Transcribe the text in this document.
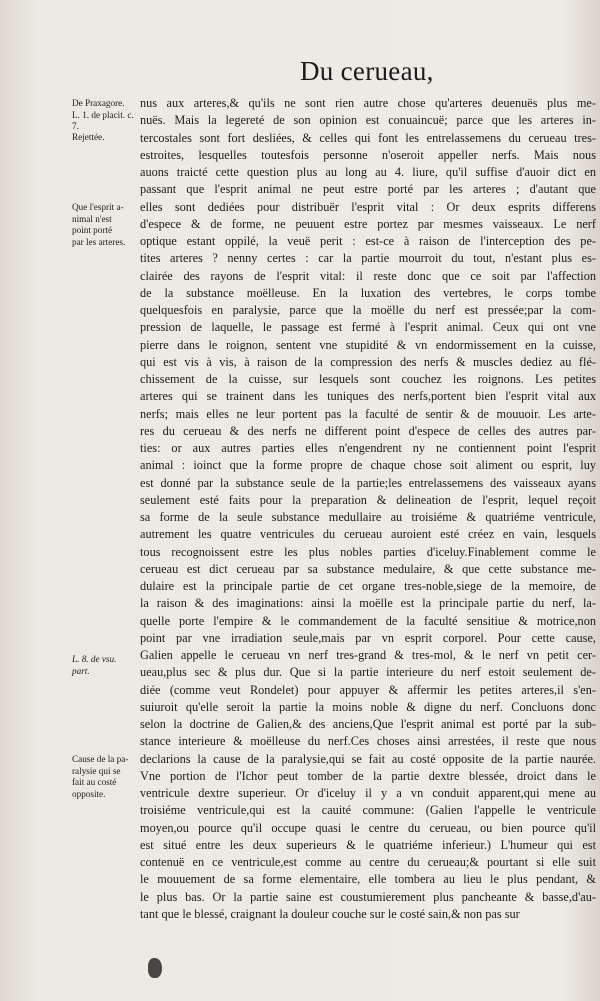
Du cerueau,
De Praxagore.
L. 1. de placit. c.
7.
Rejettée.
Que l'esprit a-
nimal n'est
point porté
par les arteres.
L. 8. de vsu.
part.
Cause de la pa-
ralysie qui se
fait au costé
opposite.
nus aux arteres,& qu'ils ne sont rien autre chose qu'arteres deuenuës plus me-
nuës. Mais la legereté de son opinion est conuaincuë; parce que les arteres in-
tercostales sont fort desliées, & celles qui font les entrelassemens du cerueau tres-
estroites, lesquelles toutesfois personne n'oseroit appeller nerfs. Mais nous
auons traicté cette question plus au long au 4. liure, qu'il suffise d'auoir dict en
passant que l'esprit animal ne peut estre porté par les arteres ; d'autant que
elles sont dediées pour distribuër l'esprit vital : Or deux esprits differens
d'espece & de forme, ne peuuent estre portez par mesmes vaisseaux. Le nerf
optique estant oppilé, la veuë perit : est-ce à raison de l'interception des pe-
tites arteres ? nenny certes : car la partie mourroit du tout, n'estant plus es-
clairée des rayons de l'esprit vital: il reste donc que ce soit par l'affection
de la substance moëlleuse. En la luxation des vertebres, le corps tombe
quelquesfois en paralysie, parce que la moëlle du nerf est pressée;par la com-
pression de laquelle, le passage est fermé à l'esprit animal. Ceux qui ont vne
pierre dans le roignon, sentent vne stupidité & vn endormissement en la cuisse,
qui est vis à vis, à raison de la compression des nerfs & muscles dediez au flé-
chissement de la cuisse, sur lesquels sont couchez les roignons. Les petites
arteres qui se trainent dans les tuniques des nerfs,portent bien l'esprit vital aux
nerfs; mais elles ne leur portent pas la faculté de sentir & de mouuoir. Les arte-
res du cerueau & des nerfs ne different point d'espece de celles des autres par-
ties: or aux autres parties elles n'engendrent ny ne contiennent point l'esprit
animal : ioinct que la forme propre de chaque chose soit aliment ou esprit, luy
est donné par la substance seule de la partie;les entrelassemens des vaisseaux ayans
seulement esté faits pour la preparation & delineation de l'esprit, lequel reçoit
sa forme de la seule substance medullaire au troisiéme & quatriéme ventricule,
autrement les quatre ventricules du cerueau auroient esté créez en vain, lesquels
tous recognoissent estre les plus nobles parties d'iceluy.Finablement comme le
cerueau est dict cerueau par sa substance medulaire, & que cette substance me-
dulaire est la principale partie de cet organe tres-noble,siege de la memoire, de
la raison & des imaginations: ainsi la moëlle est la principale partie du nerf, la-
quelle porte l'empire & le commandement de la faculté sensitiue & motrice,non
point par vne irradiation seule,mais par vn esprit corporel. Pour cette cause,
Galien appelle le cerueau vn nerf tres-grand & tres-mol, & le nerf vn petit cer-
ueau,plus sec & plus dur. Que si la partie interieure du nerf estoit seulement de-
diée (comme veut Rondelet) pour appuyer & affermir les petites arteres,il s'en-
suiuroit qu'elle seroit la partie la moins noble & digne du nerf. Concluons donc
selon la doctrine de Galien,& des anciens,Que l'esprit animal est porté par la sub-
stance interieure & moëlleuse du nerf.Ces choses ainsi arrestées, il reste que nous
declarions la cause de la paralysie,qui se fait au costé opposite de la partie naurée.
Vne portion de l'Ichor peut tomber de la partie dextre blessée, droict dans le
ventricule dextre superieur. Or d'iceluy il y a vn conduit apparent,qui mene au
troisiéme ventricule,qui est la cauité commune: (Galien l'appelle le ventricule
moyen,ou pource qu'il occupe quasi le centre du cerueau, ou bien pource qu'il
est situé entre les deux superieurs & le quatriéme inferieur.) L'humeur qui est
contenuë en ce ventricule,est comme au centre du cerueau;& pourtant si elle suit
le mouuement de sa forme elementaire, elle tombera au lieu le plus pendant, &
le plus bas. Or la partie saine est coustumierement plus pancheante & basse,d'au-
tant que le blessé, craignant la douleur couche sur le costé sain,& non pas sur
